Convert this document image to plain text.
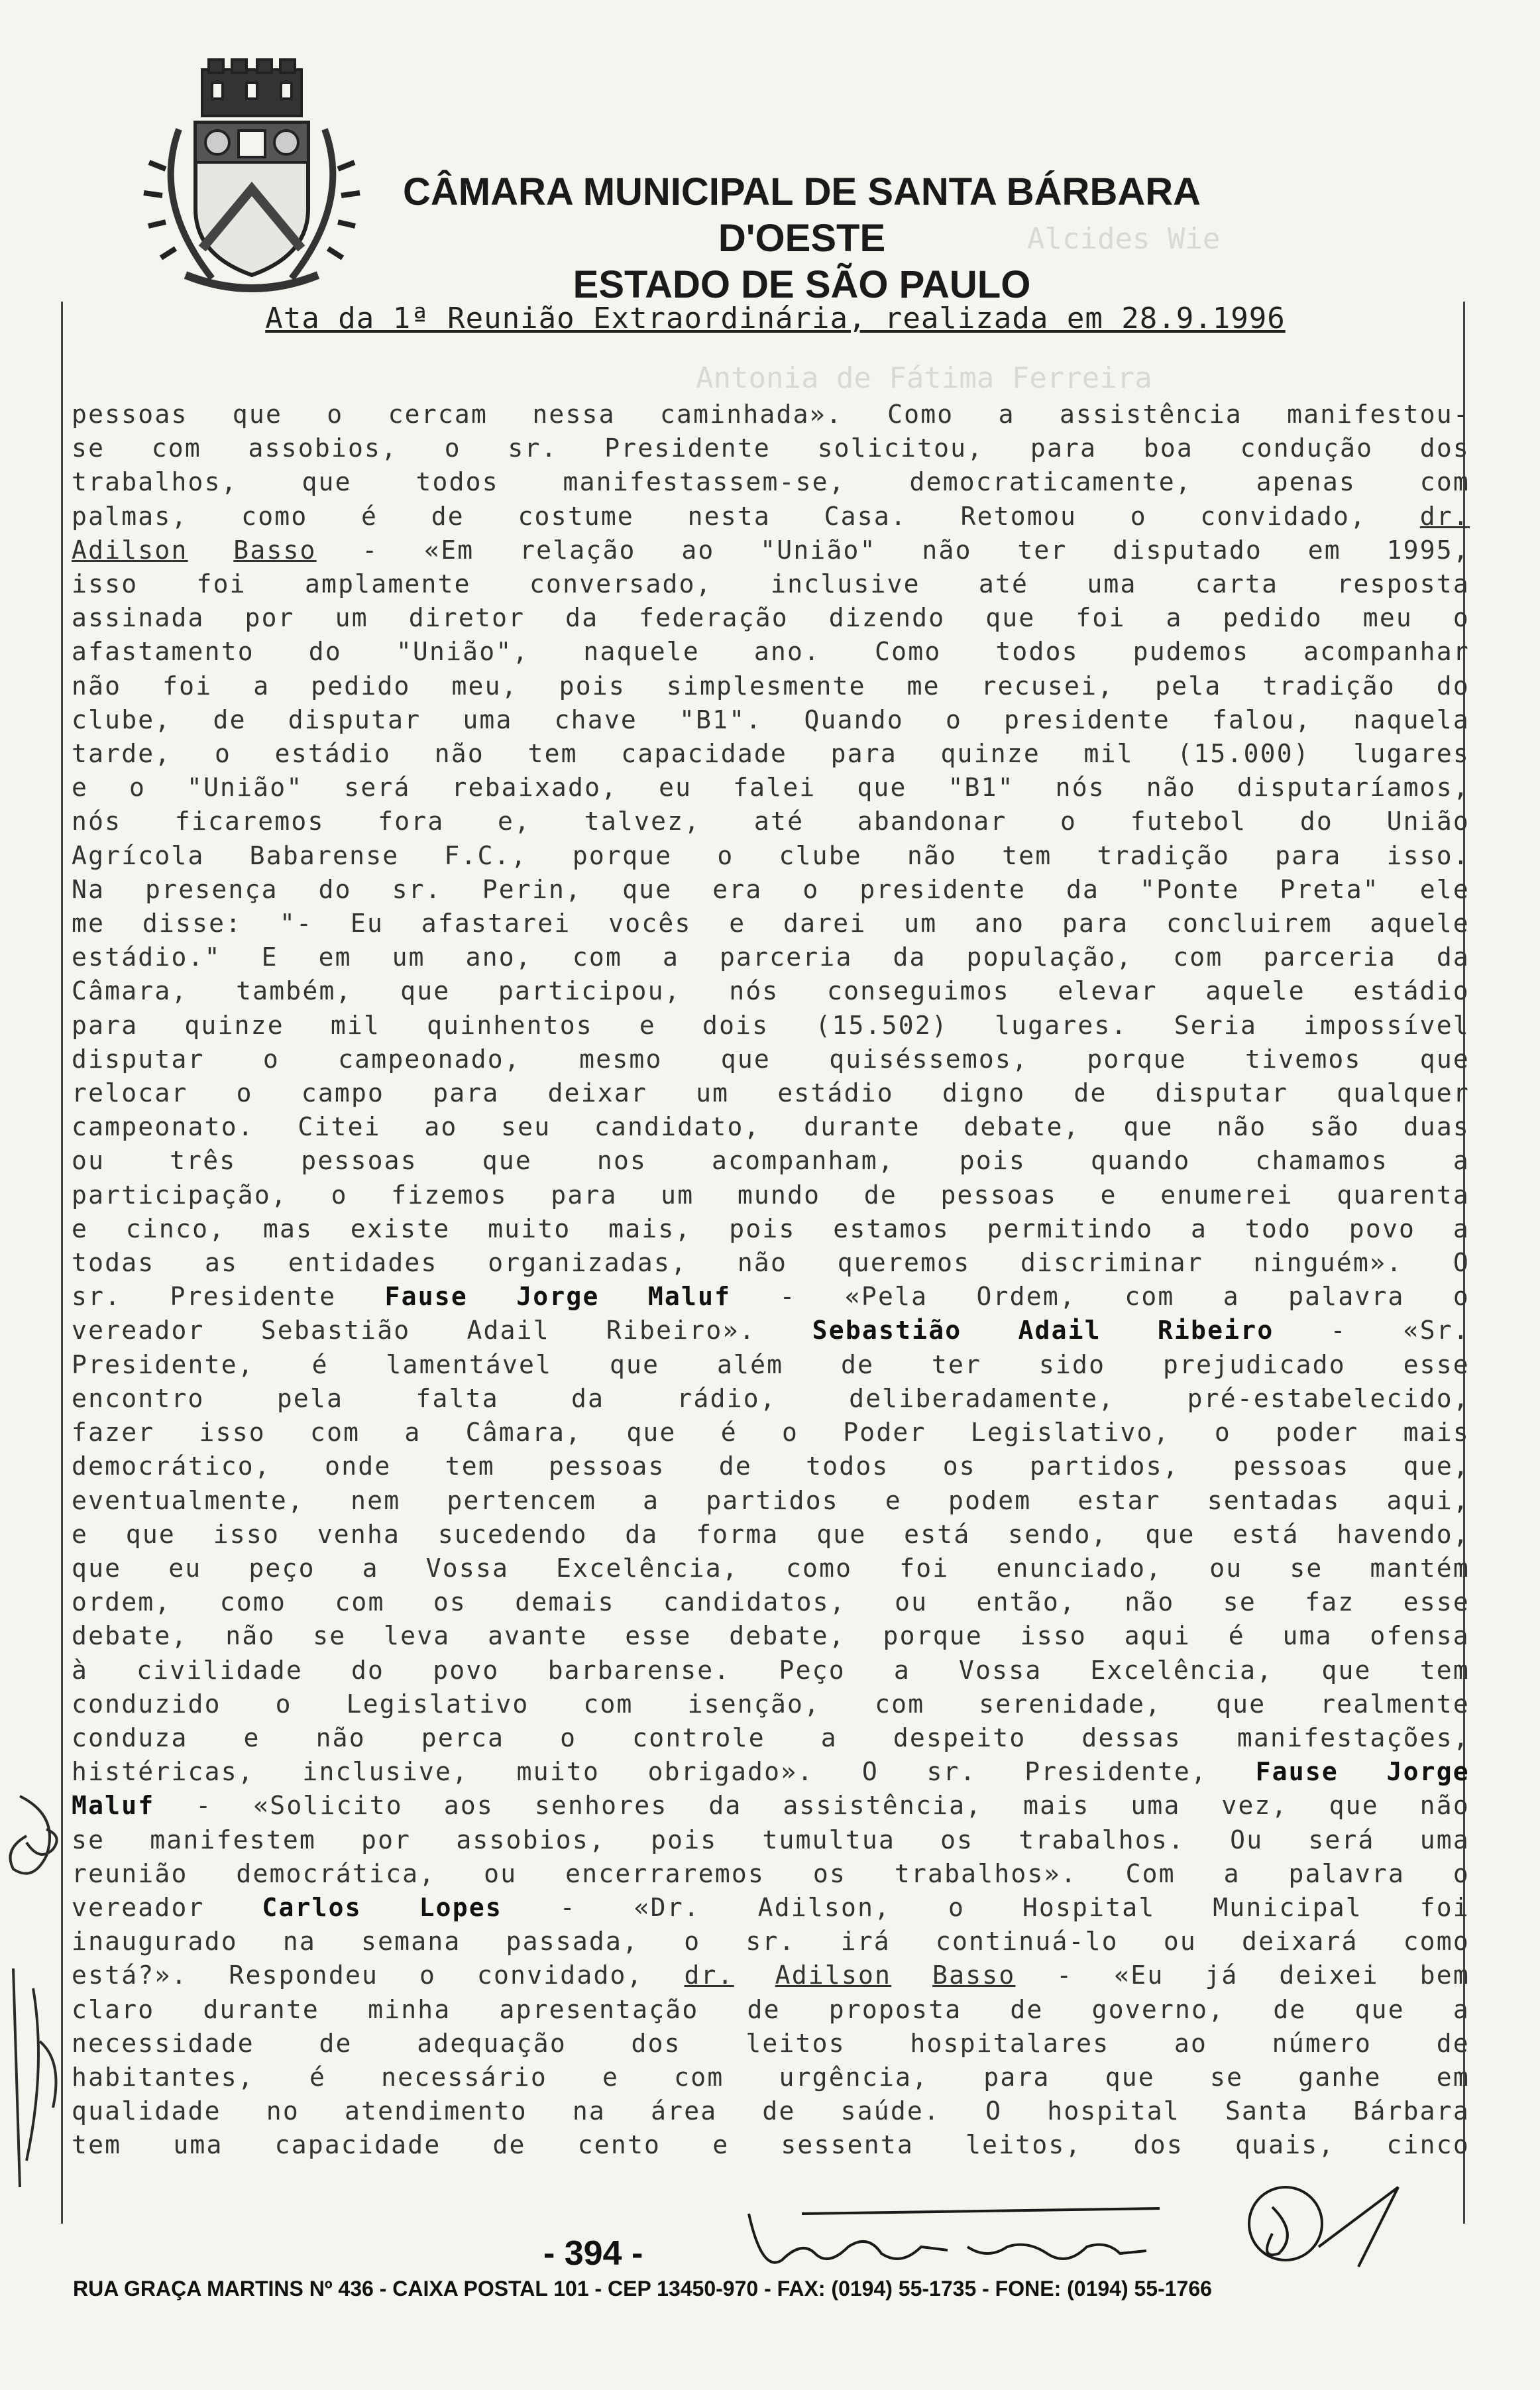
CÂMARA MUNICIPAL DE SANTA BÁRBARA D'OESTE
ESTADO DE SÃO PAULO
Alcides Wie
Antonia de Fátima Ferreira
Ata da 1ª Reunião Extraordinária, realizada em 28.9.1996
pessoas que o cercam nessa caminhada». Como a assistência manifestou-
se com assobios, o sr. Presidente solicitou, para boa condução dos
trabalhos,	que	todos	manifestassem-se,	democraticamente,	apenas	com
palmas, como é de costume nesta Casa. Retomou o convidado, dr.
Adilson Basso - «Em relação ao "União" não ter disputado em 1995,
isso foi amplamente conversado, inclusive até uma carta resposta
assinada por um diretor da federação dizendo que foi a pedido meu o
afastamento do "União", naquele ano. Como todos pudemos acompanhar
não foi a pedido meu, pois simplesmente me recusei, pela tradição do
clube, de disputar uma chave "B1". Quando o presidente falou, naquela
tarde, o estádio não tem capacidade para quinze mil (15.000) lugares
e o "União" será rebaixado, eu falei que "B1" nós não disputaríamos,
nós ficaremos fora e, talvez, até abandonar o futebol do União
Agrícola Babarense F.C., porque o clube não tem tradição para isso.
Na presença do sr. Perin, que era o presidente da "Ponte Preta" ele
me disse: "- Eu afastarei vocês e darei um ano para concluirem aquele
estádio." E em um ano, com a parceria da população, com parceria da
Câmara, também, que participou, nós conseguimos elevar aquele estádio
para quinze mil quinhentos e dois (15.502) lugares. Seria impossível
disputar o campeonado, mesmo que quiséssemos, porque tivemos que
relocar o campo para deixar um estádio digno de disputar qualquer
campeonato. Citei ao seu candidato, durante debate, que não são duas
ou	três	pessoas	que	nos	acompanham,	pois	quando	chamamos	a
participação, o fizemos para um mundo de pessoas e enumerei quarenta
e cinco, mas existe muito mais, pois estamos permitindo a todo povo a
todas as entidades organizadas, não queremos discriminar ninguém». O
sr. Presidente Fause Jorge Maluf - «Pela Ordem, com a palavra o
vereador Sebastião Adail Ribeiro». Sebastião Adail Ribeiro - «Sr.
Presidente, é lamentável que além de ter sido prejudicado esse
encontro	pela	falta	da	rádio,	deliberadamente,	pré-estabelecido,
fazer isso com a Câmara, que é o Poder Legislativo, o poder mais
democrático, onde tem pessoas de todos os partidos, pessoas que,
eventualmente, nem pertencem a partidos e podem estar sentadas aqui,
e que isso venha sucedendo da forma que está sendo, que está havendo,
que eu peço a Vossa Excelência, como foi enunciado, ou se mantém
ordem, como com os demais candidatos, ou então, não se faz esse
debate, não se leva avante esse debate, porque isso aqui é uma ofensa
à civilidade do povo barbarense. Peço a Vossa Excelência, que tem
conduzido o Legislativo com isenção, com serenidade, que realmente
conduza e não perca o controle a despeito dessas manifestações,
histéricas, inclusive, muito obrigado». O sr. Presidente, Fause Jorge
Maluf - «Solicito aos senhores da assistência, mais uma vez, que não
se manifestem por assobios, pois tumultua os trabalhos. Ou será uma
reunião democrática, ou encerraremos os trabalhos». Com a palavra o
vereador Carlos Lopes - «Dr. Adilson, o Hospital Municipal foi
inaugurado na semana passada, o sr. irá continuá-lo ou deixará como
está?». Respondeu o convidado, dr. Adilson Basso - «Eu já deixei bem
claro durante minha apresentação de proposta de governo, de que a
necessidade	de	adequação	dos	leitos	hospitalares	ao	número	de
habitantes, é necessário e com urgência, para que se ganhe em
qualidade no atendimento na área de saúde. O hospital Santa Bárbara
tem uma capacidade de cento e sessenta leitos, dos quais, cinco
- 394 -
RUA GRAÇA MARTINS Nº 436 - CAIXA POSTAL 101 - CEP 13450-970 - FAX: (0194) 55-1735 - FONE: (0194) 55-1766
